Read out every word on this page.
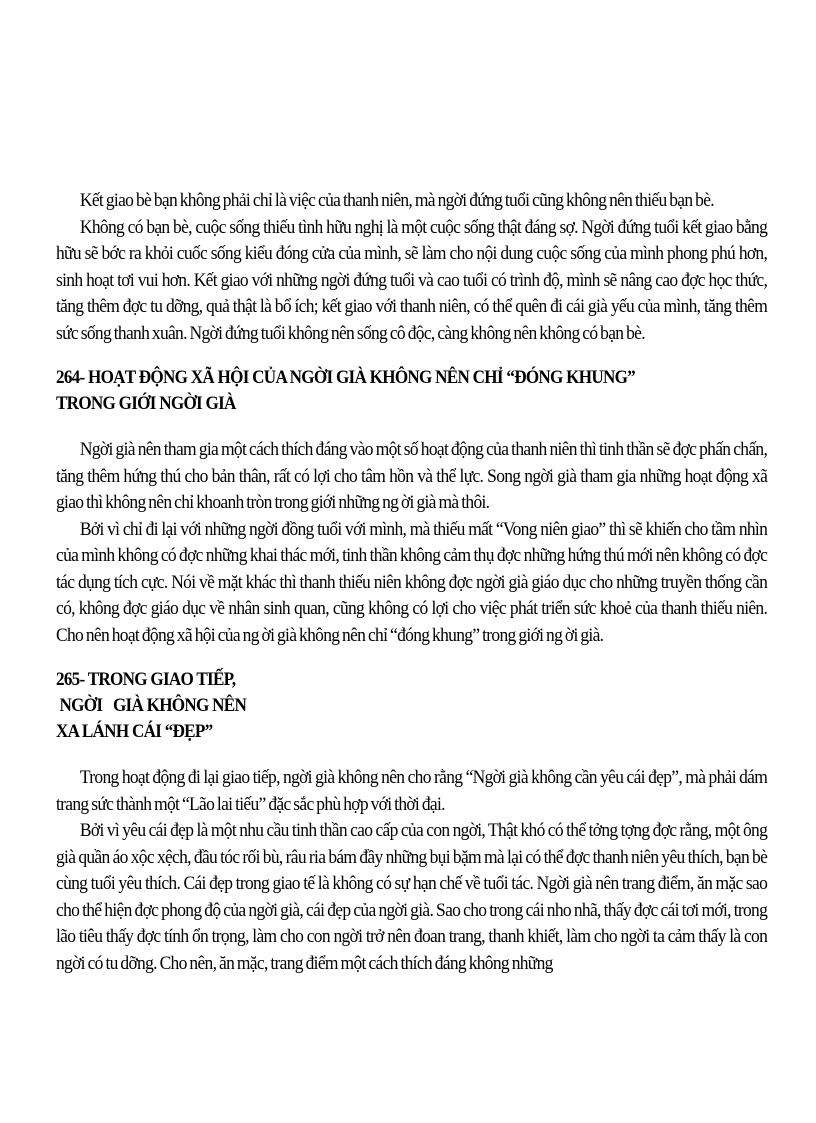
Kết giao bè bạn không phải chỉ là việc của thanh niên, mà ngời đứng tuổi cũng không nên thiếu bạn bè.

Không có bạn bè, cuộc sống thiếu tình hữu nghị là một cuộc sống thật đáng sợ. Ngời đứng tuổi kết giao bằng hữu sẽ bớc ra khỏi cuốc sống kiểu đóng cửa của mình, sẽ làm cho nội dung cuộc sống của mình phong phú hơn, sinh hoạt tơi vui hơn. Kết giao với những ngời đứng tuổi và cao tuổi có trình độ, mình sẽ nâng cao đợc học thức, tăng thêm đợc tu dỡng, quả thật là bổ ích; kết giao với thanh niên, có thể quên đi cái già yếu của mình, tăng thêm sức sống thanh xuân. Ngời đứng tuổi không nên sống cô độc, càng không nên không có bạn bè.

264- HOẠT ĐỘNG XÃ HỘI CỦA NGỜI GIÀ KHÔNG NÊN CHỈ “ĐÓNG KHUNG”
TRONG GIỚI NGỜI GIÀ

Ngời già nên tham gia một cách thích đáng vào một số hoạt động của thanh niên thì tinh thần sẽ đợc phấn chấn, tăng thêm hứng thú cho bản thân, rất có lợi cho tâm hồn và thể lực. Song ngời già tham gia những hoạt động xã giao thì không nên chỉ khoanh tròn trong giới những ng ời già mà thôi.

Bởi vì chỉ đi lại với những ngời đồng tuổi với mình, mà thiếu mất “Vong niên giao” thì sẽ khiến cho tầm nhìn của mình không có đợc những khai thác mới, tinh thần không cảm thụ đợc những hứng thú mới nên không có đợc tác dụng tích cực. Nói về mặt khác thì thanh thiếu niên không đợc ngời già giáo dục cho những truyền thống cần có, không đợc giáo dục về nhân sinh quan, cũng không có lợi cho việc phát triển sức khoẻ của thanh thiếu niên. Cho nên hoạt động xã hội của ng ời già không nên chỉ “đóng khung” trong giới ng ời già.

265- TRONG GIAO TIẾP,
NGỜI   GIÀ KHÔNG NÊN
XA LÁNH CÁI “ĐẸP”

Trong hoạt động đi lại giao tiếp, ngời già không nên cho rằng “Ngời già không cần yêu cái đẹp”, mà phải dám trang sức thành một “Lão lai tiếu” đặc sắc phù hợp với thời đại.

Bởi vì yêu cái đẹp là một nhu cầu tinh thần cao cấp của con ngời, Thật khó có thể tởng tợng đợc rằng, một ông già quần áo xộc xệch, đầu tóc rối bù, râu ria bám đầy những bụi bặm mà lại có thể đợc thanh niên yêu thích, bạn bè cùng tuổi yêu thích. Cái đẹp trong giao tế là không có sự hạn chế về tuổi tác. Ngời già nên trang điểm, ăn mặc sao cho thể hiện đợc phong độ của ngời già, cái đẹp của ngời già. Sao cho trong cái nho nhã, thấy đợc cái tơi mới, trong lão tiêu thấy đợc tính ổn trọng, làm cho con ngời trở nên đoan trang, thanh khiết, làm cho ngời ta cảm thấy là con ngời có tu dỡng. Cho nên, ăn mặc, trang điểm một cách thích đáng không những
